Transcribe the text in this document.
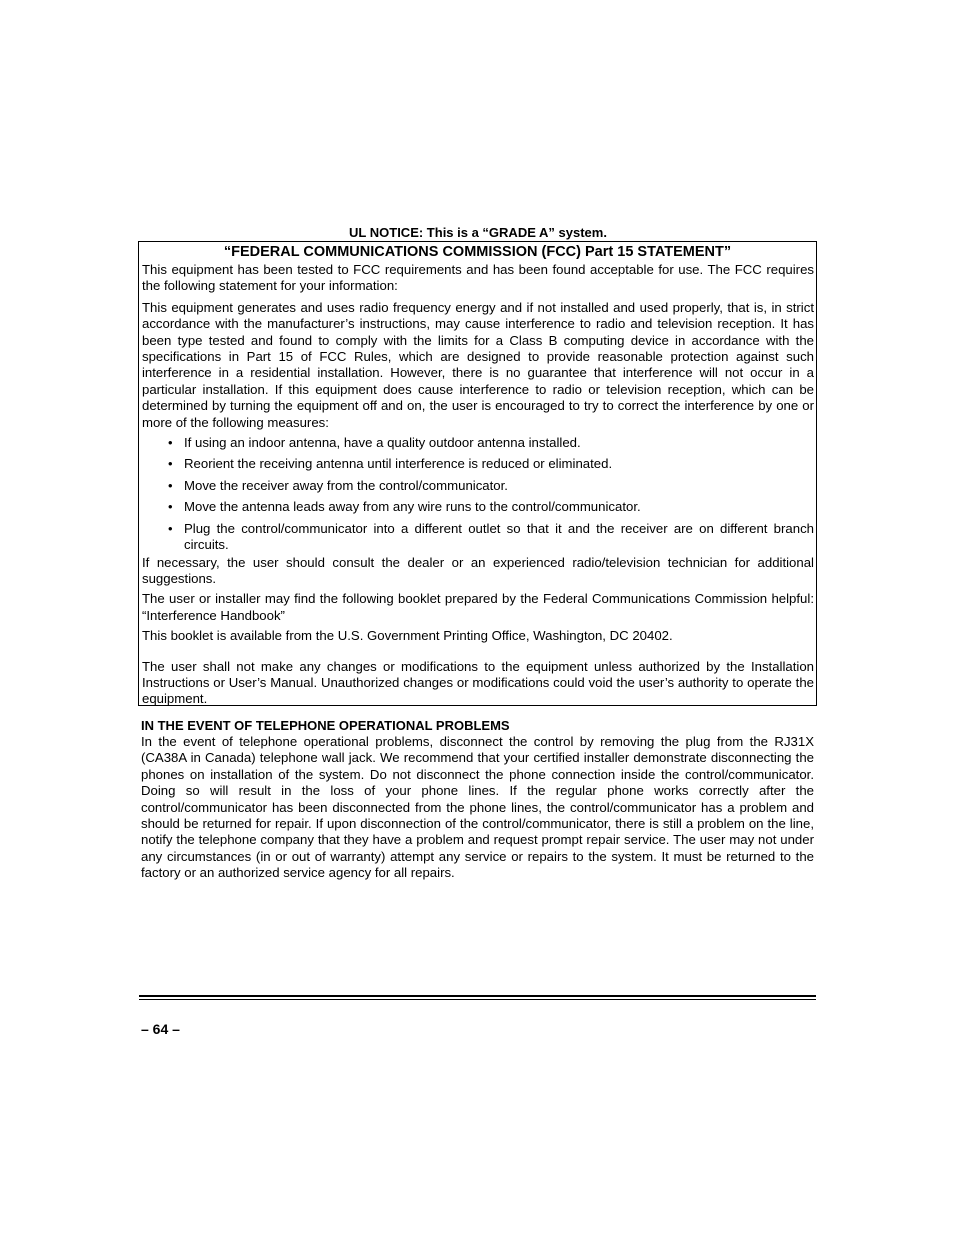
UL NOTICE: This is a “GRADE A” system.
“FEDERAL COMMUNICATIONS COMMISSION (FCC) Part 15 STATEMENT”
This equipment has been tested to FCC requirements and has been found acceptable for use. The FCC requires the following statement for your information:
This equipment generates and uses radio frequency energy and if not installed and used properly, that is, in strict accordance with the manufacturer’s instructions, may cause interference to radio and television reception. It has been type tested and found to comply with the limits for a Class B computing device in accordance with the specifications in Part 15 of FCC Rules, which are designed to provide reasonable protection against such interference in a residential installation. However, there is no guarantee that interference will not occur in a particular installation. If this equipment does cause interference to radio or television reception, which can be determined by turning the equipment off and on, the user is encouraged to try to correct the interference by one or more of the following measures:
• If using an indoor antenna, have a quality outdoor antenna installed.
• Reorient the receiving antenna until interference is reduced or eliminated.
• Move the receiver away from the control/communicator.
• Move the antenna leads away from any wire runs to the control/communicator.
• Plug the control/communicator into a different outlet so that it and the receiver are on different branch circuits.
If necessary, the user should consult the dealer or an experienced radio/television technician for additional suggestions.
The user or installer may find the following booklet prepared by the Federal Communications Commission helpful: “Interference Handbook”
This booklet is available from the U.S. Government Printing Office, Washington, DC 20402.
The user shall not make any changes or modifications to the equipment unless authorized by the Installation Instructions or User’s Manual. Unauthorized changes or modifications could void the user’s authority to operate the equipment.
IN THE EVENT OF TELEPHONE OPERATIONAL PROBLEMS
In the event of telephone operational problems, disconnect the control by removing the plug from the RJ31X (CA38A in Canada) telephone wall jack. We recommend that your certified installer demonstrate disconnecting the phones on installation of the system. Do not disconnect the phone connection inside the control/communicator. Doing so will result in the loss of your phone lines. If the regular phone works correctly after the control/communicator has been disconnected from the phone lines, the control/communicator has a problem and should be returned for repair. If upon disconnection of the control/communicator, there is still a problem on the line, notify the telephone company that they have a problem and request prompt repair service. The user may not under any circumstances (in or out of warranty) attempt any service or repairs to the system. It must be returned to the factory or an authorized service agency for all repairs.
– 64 –
